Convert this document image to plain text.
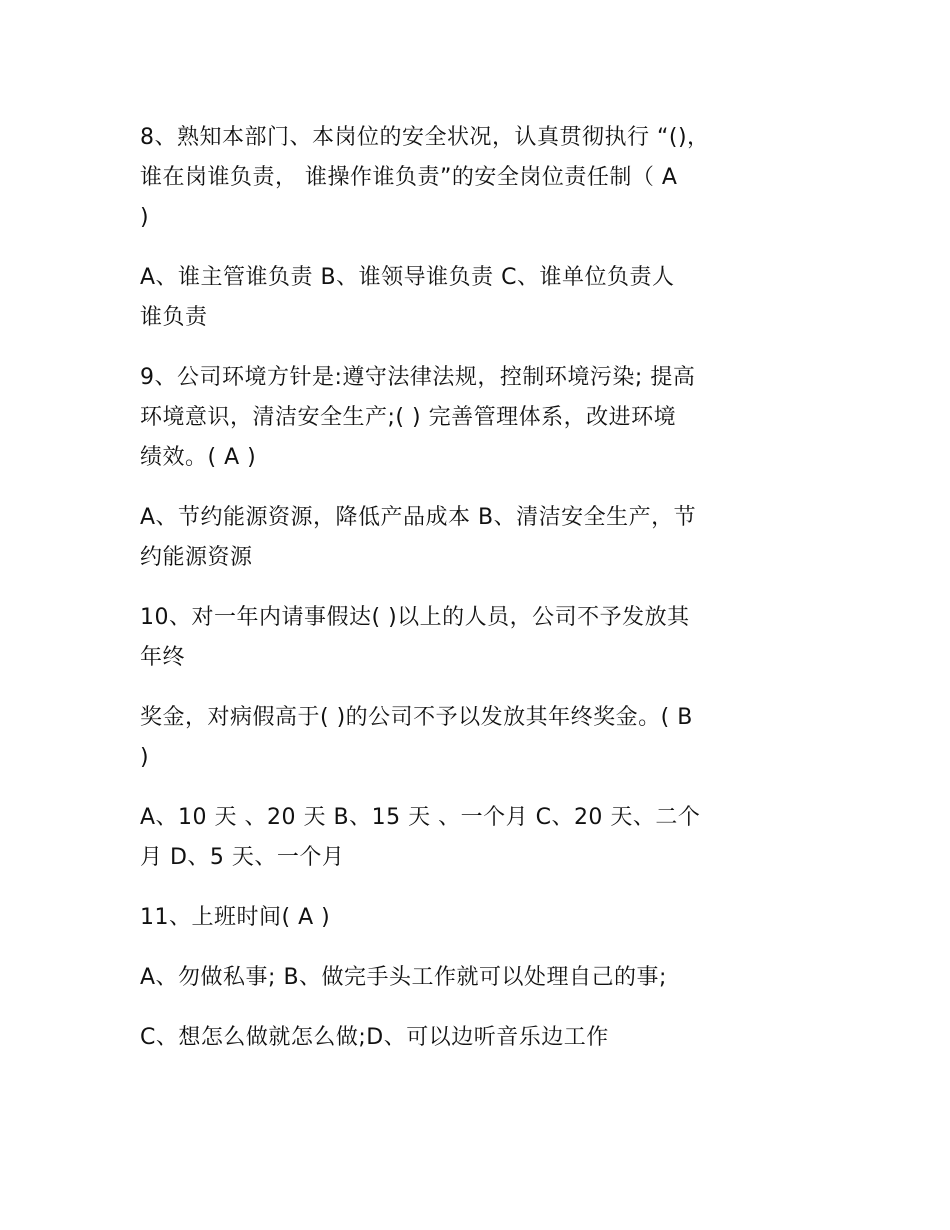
8、熟知本部门、本岗位的安全状况，认真贯彻执行 “()，
谁在岗谁负责， 谁操作谁负责”的安全岗位责任制（ A
)
A、谁主管谁负责 B、谁领导谁负责 C、谁单位负责人
谁负责
9、公司环境方针是:遵守法律法规，控制环境污染; 提高
环境意识，清洁安全生产;( ) 完善管理体系，改进环境
绩效。( A )
A、节约能源资源，降低产品成本 B、清洁安全生产，节
约能源资源
10、对一年内请事假达( )以上的人员，公司不予发放其
年终
奖金，对病假高于( )的公司不予以发放其年终奖金。( B
)
A、10 天 、20 天 B、15 天 、一个月 C、20 天、二个
月 D、5 天、一个月
11、上班时间( A )
A、勿做私事; B、做完手头工作就可以处理自己的事;
C、想怎么做就怎么做;D、可以边听音乐边工作
